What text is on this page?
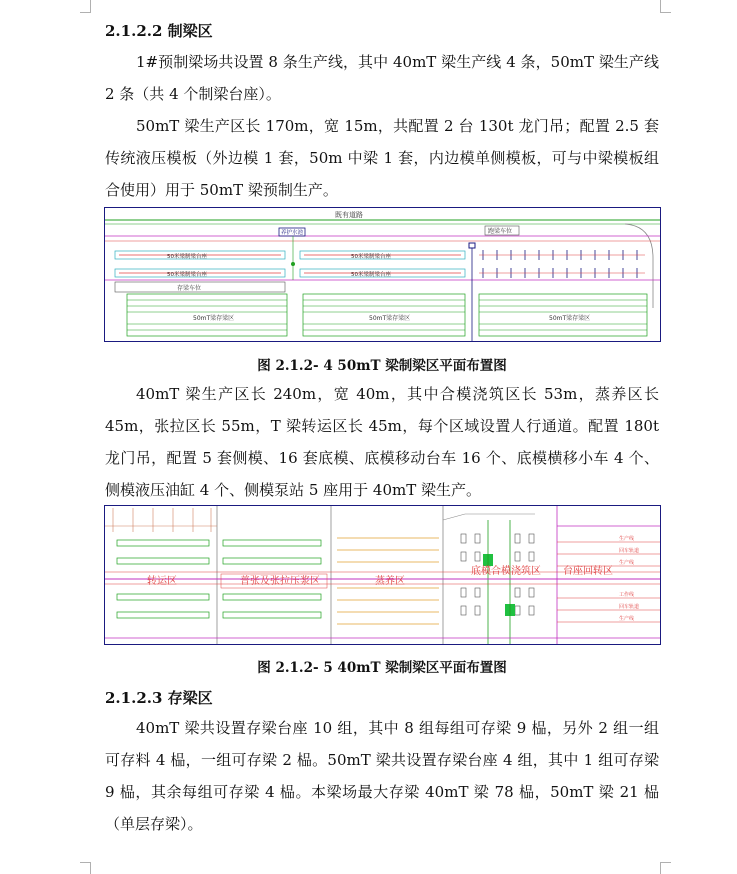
2.1.2.2 制梁区
1#预制梁场共设置 8 条生产线，其中 40mT 梁生产线 4 条，50mT 梁生产线 2 条（共 4 个制梁台座）。
50mT 梁生产区长 170m，宽 15m，共配置 2 台 130t 龙门吊；配置 2.5 套传统液压模板（外边模 1 套，50m 中梁 1 套，内边模单侧模板，可与中梁模板组合使用）用于 50mT 梁预制生产。
既有道路
养护水池	跑梁车位
50米梁制梁台座
50米梁制梁台座
50米梁制梁台座
50米梁制梁台座
存梁车位
50mT梁存梁区	50mT梁存梁区	50mT梁存梁区
图 2.1.2- 4 50mT 梁制梁区平面布置图
40mT 梁生产区长 240m，宽 40m，其中合模浇筑区长 53m，蒸养区长 45m，张拉区长 55m，T 梁转运区长 45m，每个区域设置人行通道。配置 180t 龙门吊，配置 5 套侧模、16 套底模、底模移动台车 16 个、底模横移小车 4 个、侧模液压油缸 4 个、侧模泵站 5 座用于 40mT 梁生产。
转运区	普张及张拉压浆区	蒸养区
底模合模浇筑区 台座回转区
生产线
回车轨道
生产线
工作线
回车轨道
生产线
图 2.1.2- 5 40mT 梁制梁区平面布置图
2.1.2.3 存梁区
40mT 梁共设置存梁台座 10 组，其中 8 组每组可存梁 9 榀，另外 2 组一组可存料 4 榀，一组可存梁 2 榀。50mT 梁共设置存梁台座 4 组，其中 1 组可存梁 9 榀，其余每组可存梁 4 榀。本梁场最大存梁 40mT 梁 78 榀，50mT 梁 21 榀（单层存梁）。
